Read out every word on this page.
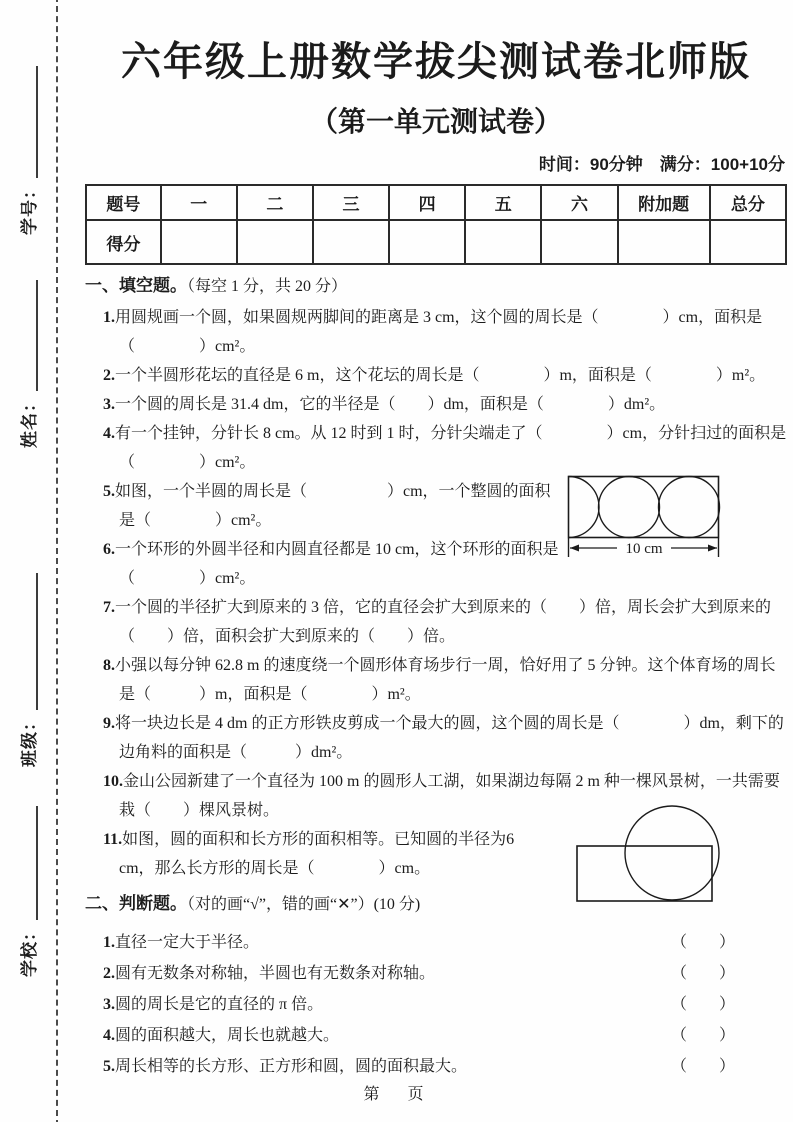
学号：
姓名：
班级：
学校：
六年级上册数学拔尖测试卷北师版
（第一单元测试卷）
时间：90分钟　满分：100+10分
题号	一	二	三	四	五	六	附加题	总分
得分								
一、填空题。（每空 1 分，共 20 分）

1.用圆规画一个圆，如果圆规两脚间的距离是 3 cm，这个圆的周长是（　　　　）cm，面积是（　　　　）cm²。

2.一个半圆形花坛的直径是 6 m，这个花坛的周长是（　　　　）m，面积是（　　　　）m²。

3.一个圆的周长是 31.4 dm，它的半径是（　　）dm，面积是（　　　　）dm²。

4.有一个挂钟，分针长 8 cm。从 12 时到 1 时，分针尖端走了（　　　　）cm，分针扫过的面积是（　　　　）cm²。

5.如图，一个半圆的周长是（　　　　　）cm，一个整圆的面积是（　　　　）cm²。

6.一个环形的外圆半径和内圆直径都是 10 cm，这个环形的面积是（　　　　）cm²。

7.一个圆的半径扩大到原来的 3 倍，它的直径会扩大到原来的（　　）倍，周长会扩大到原来的（　　）倍，面积会扩大到原来的（　　）倍。

8.小强以每分钟 62.8 m 的速度绕一个圆形体育场步行一周，恰好用了 5 分钟。这个体育场的周长是（　　　）m，面积是（　　　　）m²。

9.将一块边长是 4 dm 的正方形铁皮剪成一个最大的圆，这个圆的周长是（　　　　）dm，剩下的边角料的面积是（　　　）dm²。

10.金山公园新建了一个直径为 100 m 的圆形人工湖，如果湖边每隔 2 m 种一棵风景树，一共需要栽（　　）棵风景树。

11.如图，圆的面积和长方形的面积相等。已知圆的半径为6 cm，那么长方形的周长是（　　　　）cm。

二、判断题。（对的画“√”，错的画“✕”）(10 分)

1.直径一定大于半径。	（　　）

2.圆有无数条对称轴，半圆也有无数条对称轴。	（　　）

3.圆的周长是它的直径的 π 倍。	（　　）

4.圆的面积越大，周长也就越大。	（　　）

5.周长相等的长方形、正方形和圆，圆的面积最大。	（　　）
10 cm
第　页
